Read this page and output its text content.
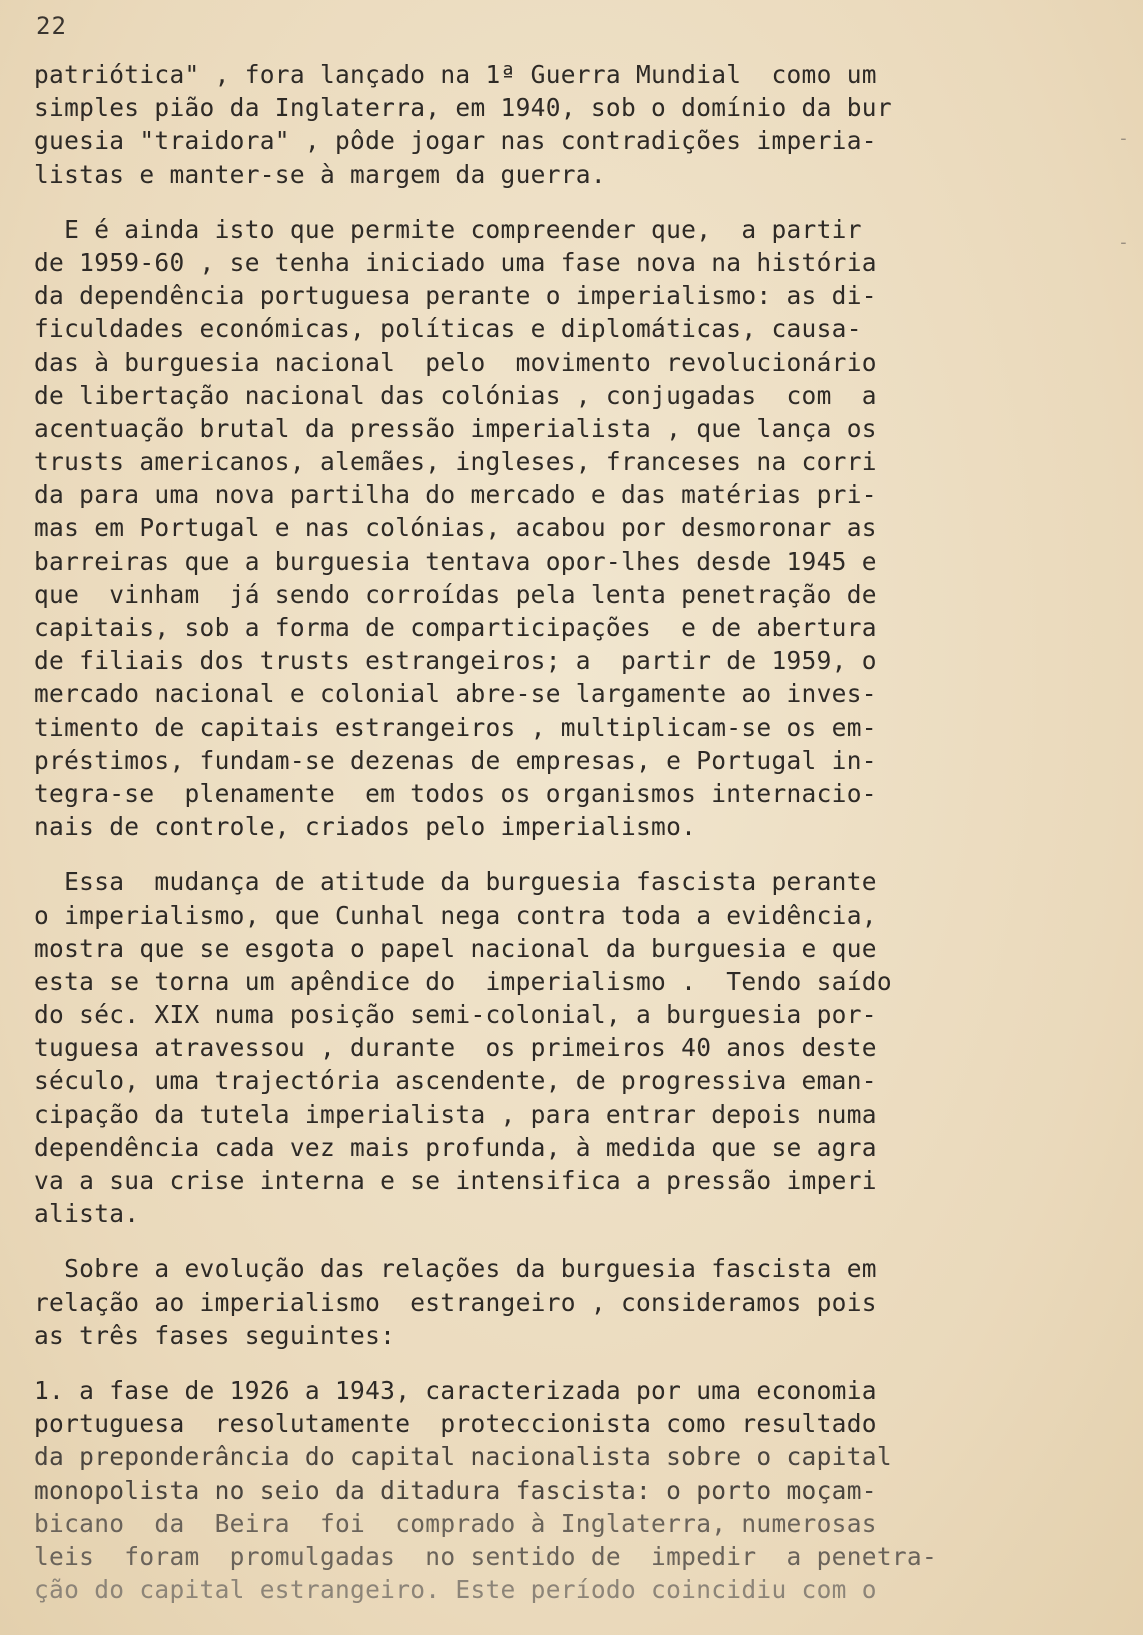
22
patriótica" , fora lançado na 1ª Guerra Mundial  como um
simples pião da Inglaterra, em 1940, sob o domínio da bur
guesia "traidora" , pôde jogar nas contradições imperia-
listas e manter-se à margem da guerra.
E é ainda isto que permite compreender que,  a partir
de 1959-60 , se tenha iniciado uma fase nova na história
da dependência portuguesa perante o imperialismo: as di-
ficuldades económicas, políticas e diplomáticas, causa-
das à burguesia nacional  pelo  movimento revolucionário
de libertação nacional das colónias , conjugadas  com  a
acentuação brutal da pressão imperialista , que lança os
trusts americanos, alemães, ingleses, franceses na corri
da para uma nova partilha do mercado e das matérias pri-
mas em Portugal e nas colónias, acabou por desmoronar as
barreiras que a burguesia tentava opor-lhes desde 1945 e
que  vinham  já sendo corroídas pela lenta penetração de
capitais, sob a forma de comparticipações  e de abertura
de filiais dos trusts estrangeiros; a  partir de 1959, o
mercado nacional e colonial abre-se largamente ao inves-
timento de capitais estrangeiros , multiplicam-se os em-
préstimos, fundam-se dezenas de empresas, e Portugal in-
tegra-se  plenamente  em todos os organismos internacio-
nais de controle, criados pelo imperialismo.
Essa  mudança de atitude da burguesia fascista perante
o imperialismo, que Cunhal nega contra toda a evidência,
mostra que se esgota o papel nacional da burguesia e que
esta se torna um apêndice do  imperialismo .  Tendo saído
do séc. XIX numa posição semi-colonial, a burguesia por-
tuguesa atravessou , durante  os primeiros 40 anos deste
século, uma trajectória ascendente, de progressiva eman-
cipação da tutela imperialista , para entrar depois numa
dependência cada vez mais profunda, à medida que se agra
va a sua crise interna e se intensifica a pressão imperi
alista.
Sobre a evolução das relações da burguesia fascista em
relação ao imperialismo  estrangeiro , consideramos pois
as três fases seguintes:
1. a fase de 1926 a 1943, caracterizada por uma economia
portuguesa  resolutamente  proteccionista como resultado
da preponderância do capital nacionalista sobre o capital
monopolista no seio da ditadura fascista: o porto moçam-
bicano  da  Beira  foi  comprado à Inglaterra, numerosas
leis  foram  promulgadas  no sentido de  impedir  a penetra-
ção do capital estrangeiro. Este período coincidiu com o
-
-
